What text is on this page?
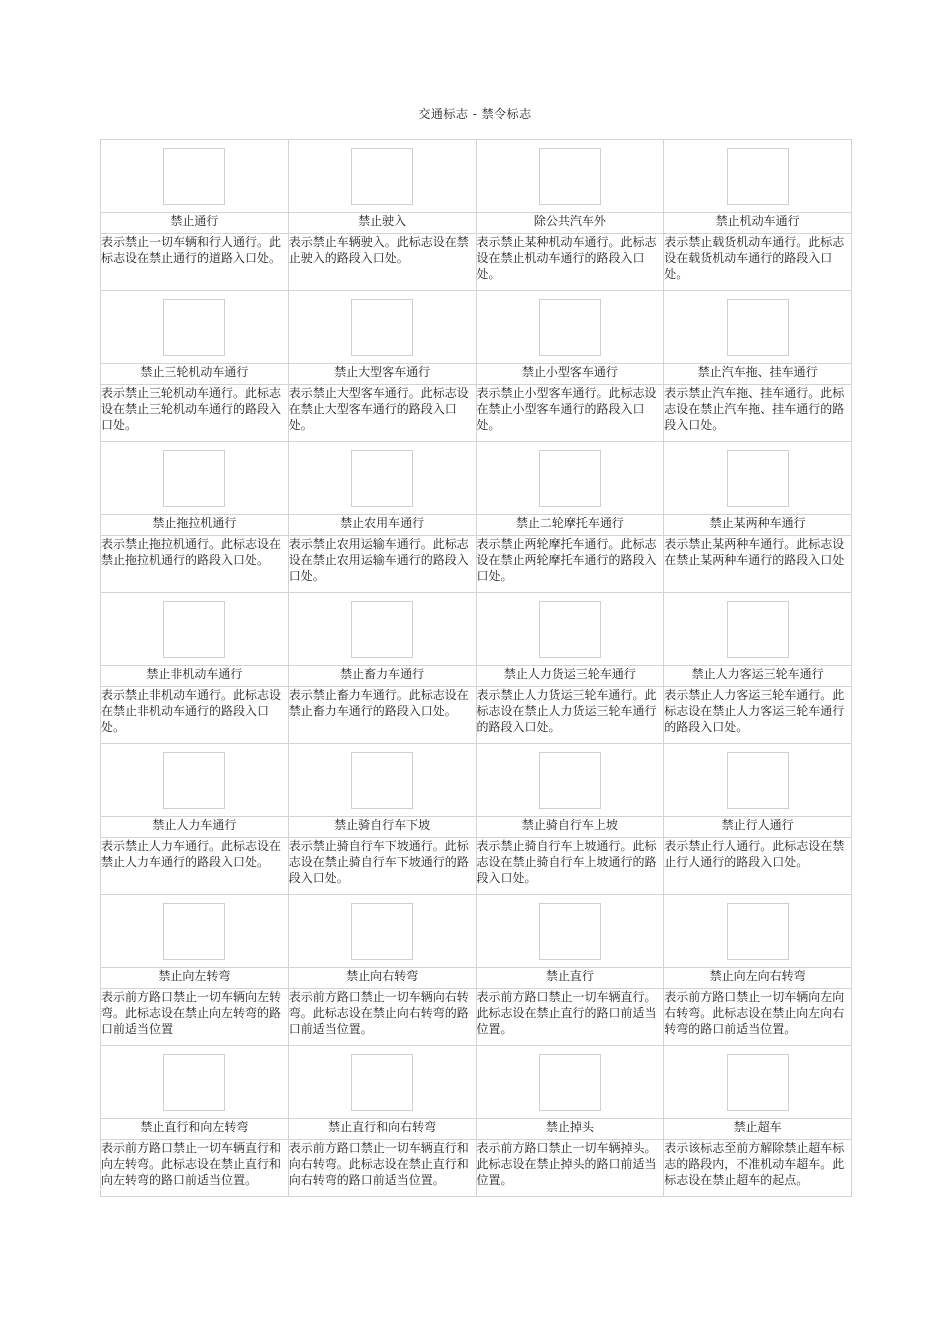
交通标志 - 禁令标志

禁止通行	禁止驶入	除公共汽车外	禁止机动车通行
表示禁止一切车辆和行人通行。此标志设在禁止通行的道路入口处。	表示禁止车辆驶入。此标志设在禁止驶入的路段入口处。	表示禁止某种机动车通行。此标志设在禁止机动车通行的路段入口处。	表示禁止载货机动车通行。此标志设在载货机动车通行的路段入口处。

禁止三轮机动车通行	禁止大型客车通行	禁止小型客车通行	禁止汽车拖、挂车通行
表示禁止三轮机动车通行。此标志设在禁止三轮机动车通行的路段入口处。	表示禁止大型客车通行。此标志设在禁止大型客车通行的路段入口处。	表示禁止小型客车通行。此标志设在禁止小型客车通行的路段入口处。	表示禁止汽车拖、挂车通行。此标志设在禁止汽车拖、挂车通行的路段入口处。

禁止拖拉机通行	禁止农用车通行	禁止二轮摩托车通行	禁止某两种车通行
表示禁止拖拉机通行。此标志设在禁止拖拉机通行的路段入口处。	表示禁止农用运输车通行。此标志设在禁止农用运输车通行的路段入口处。	表示禁止两轮摩托车通行。此标志设在禁止两轮摩托车通行的路段入口处。	表示禁止某两种车通行。此标志设在禁止某两种车通行的路段入口处

禁止非机动车通行	禁止畜力车通行	禁止人力货运三轮车通行	禁止人力客运三轮车通行
表示禁止非机动车通行。此标志设在禁止非机动车通行的路段入口处。	表示禁止畜力车通行。此标志设在禁止畜力车通行的路段入口处。	表示禁止人力货运三轮车通行。此标志设在禁止人力货运三轮车通行的路段入口处。	表示禁止人力客运三轮车通行。此标志设在禁止人力客运三轮车通行的路段入口处。

禁止人力车通行	禁止骑自行车下坡	禁止骑自行车上坡	禁止行人通行
表示禁止人力车通行。此标志设在禁止人力车通行的路段入口处。	表示禁止骑自行车下坡通行。此标志设在禁止骑自行车下坡通行的路段入口处。	表示禁止骑自行车上坡通行。此标志设在禁止骑自行车上坡通行的路段入口处。	表示禁止行人通行。此标志设在禁止行人通行的路段入口处。

禁止向左转弯	禁止向右转弯	禁止直行	禁止向左向右转弯
表示前方路口禁止一切车辆向左转弯。此标志设在禁止向左转弯的路口前适当位置	表示前方路口禁止一切车辆向右转弯。此标志设在禁止向右转弯的路口前适当位置。	表示前方路口禁止一切车辆直行。此标志设在禁止直行的路口前适当位置。	表示前方路口禁止一切车辆向左向右转弯。此标志设在禁止向左向右转弯的路口前适当位置。

禁止直行和向左转弯	禁止直行和向右转弯	禁止掉头	禁止超车
表示前方路口禁止一切车辆直行和向左转弯。此标志设在禁止直行和向左转弯的路口前适当位置。	表示前方路口禁止一切车辆直行和向右转弯。此标志设在禁止直行和向右转弯的路口前适当位置。	表示前方路口禁止一切车辆掉头。此标志设在禁止掉头的路口前适当位置。	表示该标志至前方解除禁止超车标志的路段内，不准机动车超车。此标志设在禁止超车的起点。
